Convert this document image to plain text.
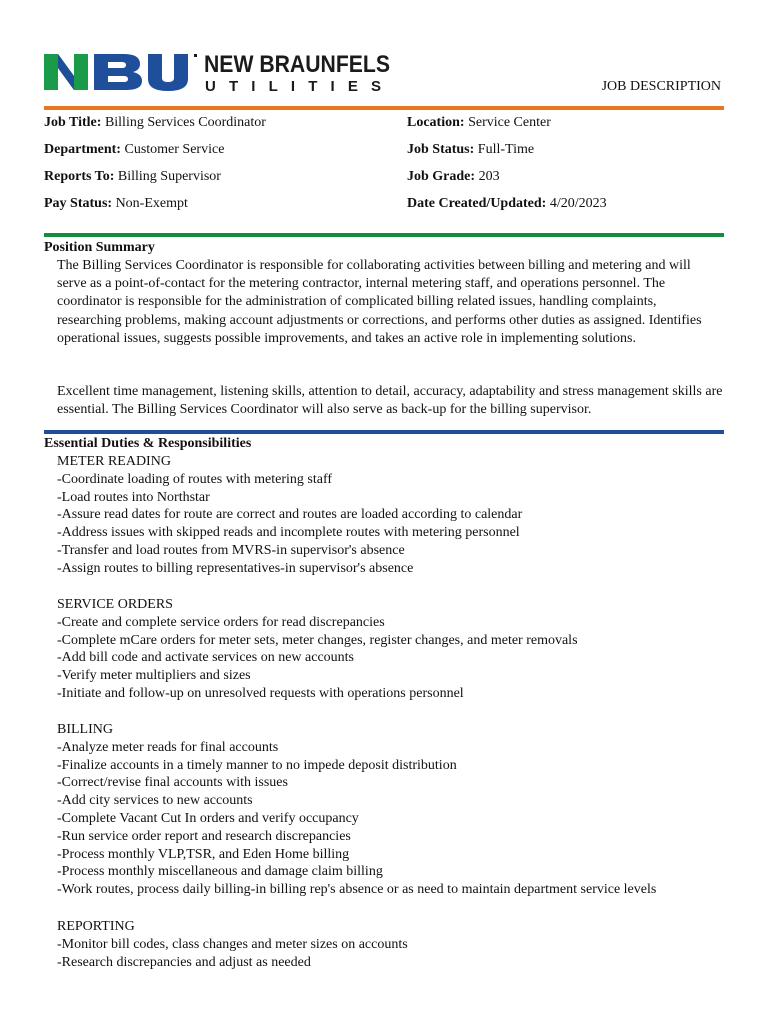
NEW BRAUNFELS
UTILITIES	JOB DESCRIPTION
Job Title: Billing Services Coordinator	Location: Service Center
Department: Customer Service	Job Status: Full-Time
Reports To: Billing Supervisor	Job Grade: 203
Pay Status: Non-Exempt	Date Created/Updated: 4/20/2023
Position Summary

The Billing Services Coordinator is responsible for collaborating activities between billing and metering and will serve as a point-of-contact for the metering contractor, internal metering staff, and operations personnel. The coordinator is responsible for the administration of complicated billing related issues, handling complaints, researching problems, making account adjustments or corrections, and performs other duties as assigned. Identifies operational issues, suggests possible improvements, and takes an active role in implementing solutions.

Excellent time management, listening skills, attention to detail, accuracy, adaptability and stress management skills are essential. The Billing Services Coordinator will also serve as back-up for the billing supervisor.

Essential Duties & Responsibilities
METER READING
-Coordinate loading of routes with metering staff
-Load routes into Northstar
-Assure read dates for route are correct and routes are loaded according to calendar
-Address issues with skipped reads and incomplete routes with metering personnel
-Transfer and load routes from MVRS-in supervisor's absence
-Assign routes to billing representatives-in supervisor's absence
SERVICE ORDERS
-Create and complete service orders for read discrepancies
-Complete mCare orders for meter sets, meter changes, register changes, and meter removals
-Add bill code and activate services on new accounts
-Verify meter multipliers and sizes
-Initiate and follow-up on unresolved requests with operations personnel
BILLING
-Analyze meter reads for final accounts
-Finalize accounts in a timely manner to no impede deposit distribution
-Correct/revise final accounts with issues
-Add city services to new accounts
-Complete Vacant Cut In orders and verify occupancy
-Run service order report and research discrepancies
-Process monthly VLP,TSR, and Eden Home billing
-Process monthly miscellaneous and damage claim billing
-Work routes, process daily billing-in billing rep's absence or as need to maintain department service levels
REPORTING
-Monitor bill codes, class changes and meter sizes on accounts
-Research discrepancies and adjust as needed
